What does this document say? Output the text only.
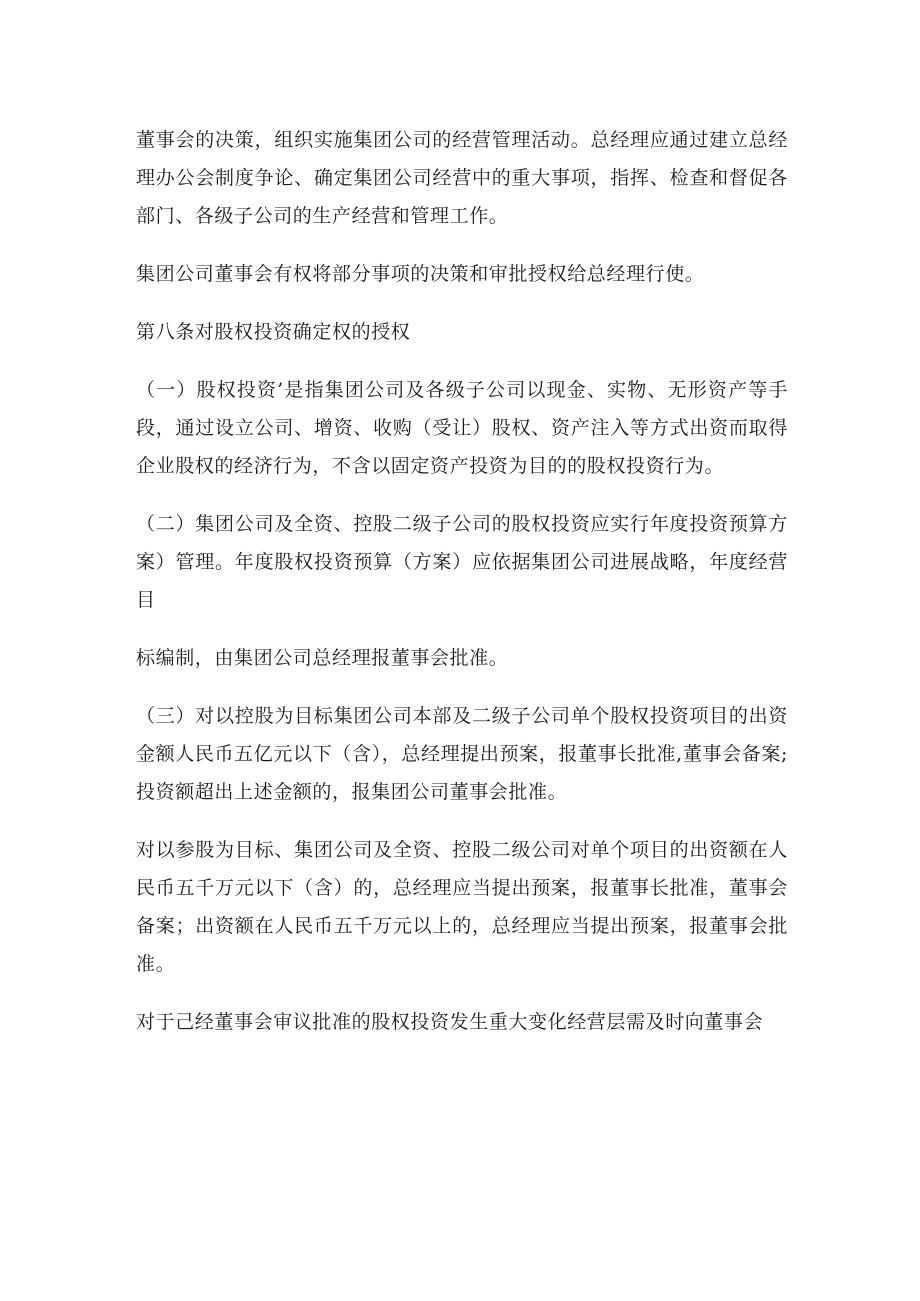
董事会的决策，组织实施集团公司的经营管理活动。总经理应通过建立总经理办公会制度争论、确定集团公司经营中的重大事项，指挥、检查和督促各部门、各级子公司的生产经营和管理工作。

集团公司董事会有权将部分事项的决策和审批授权给总经理行使。

第八条对股权投资确定权的授权

（一）股权投资’是指集团公司及各级子公司以现金、实物、无形资产等手段，通过设立公司、增资、收购（受让）股权、资产注入等方式出资而取得企业股权的经济行为，不含以固定资产投资为目的的股权投资行为。

（二）集团公司及全资、控股二级子公司的股权投资应实行年度投资预算方案）管理。年度股权投资预算（方案）应依据集团公司进展战略，年度经营目

标编制，由集团公司总经理报董事会批准。

（三）对以控股为目标集团公司本部及二级子公司单个股权投资项目的出资金额人民币五亿元以下（含），总经理提出预案，报董事长批准,董事会备案;投资额超出上述金额的，报集团公司董事会批准。

对以参股为目标、集团公司及全资、控股二级公司对单个项目的出资额在人民币五千万元以下（含）的，总经理应当提出预案，报董事长批准，董事会备案；出资额在人民币五千万元以上的，总经理应当提出预案，报董事会批准。

对于己经董事会审议批准的股权投资发生重大变化经营层需及时向董事会
